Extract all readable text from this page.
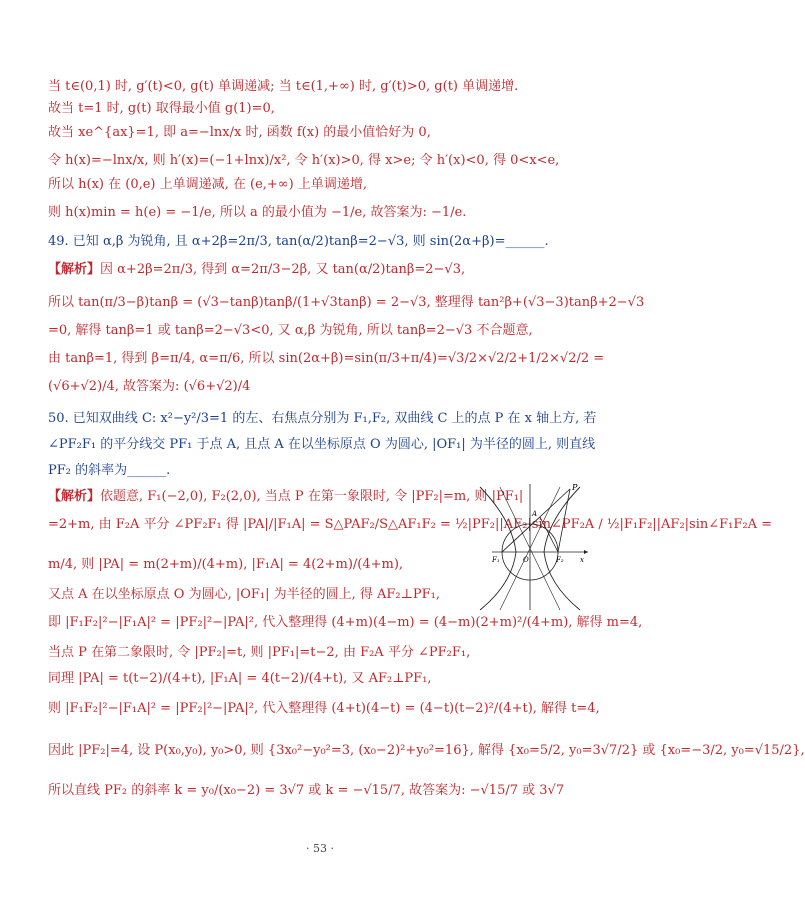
当 t∈(0,1) 时, g′(t)<0, g(t) 单调递减; 当 t∈(1,+∞) 时, g′(t)>0, g(t) 单调递增.
故当 t=1 时, g(t) 取得最小值 g(1)=0,
故当 xe^{ax}=1, 即 a=−lnx/x 时, 函数 f(x) 的最小值恰好为 0,
令 h(x)=−lnx/x, 则 h′(x)=(−1+lnx)/x², 令 h′(x)>0, 得 x>e; 令 h′(x)<0, 得 0<x<e,
所以 h(x) 在 (0,e) 上单调递减, 在 (e,+∞) 上单调递增,
则 h(x)min = h(e) = −1/e, 所以 a 的最小值为 −1/e, 故答案为: −1/e.
49. 已知 α,β 为锐角, 且 α+2β=2π/3, tan(α/2)tanβ=2−√3, 则 sin(2α+β)=______.
【解析】因 α+2β=2π/3, 得到 α=2π/3−2β, 又 tan(α/2)tanβ=2−√3,
所以 tan(π/3−β)tanβ = (√3−tanβ)tanβ/(1+√3tanβ) = 2−√3, 整理得 tan²β+(√3−3)tanβ+2−√3
=0, 解得 tanβ=1 或 tanβ=2−√3<0, 又 α,β 为锐角, 所以 tanβ=2−√3 不合题意,
由 tanβ=1, 得到 β=π/4, α=π/6, 所以 sin(2α+β)=sin(π/3+π/4)=√3/2×√2/2+1/2×√2/2 =
(√6+√2)/4, 故答案为: (√6+√2)/4
50. 已知双曲线 C: x²−y²/3=1 的左、右焦点分别为 F₁,F₂, 双曲线 C 上的点 P 在 x 轴上方, 若
∠PF₂F₁ 的平分线交 PF₁ 于点 A, 且点 A 在以坐标原点 O 为圆心, |OF₁| 为半径的圆上, 则直线
PF₂ 的斜率为______.
【解析】依题意, F₁(−2,0), F₂(2,0), 当点 P 在第一象限时, 令 |PF₂|=m, 则 |PF₁|
=2+m, 由 F₂A 平分 ∠PF₂F₁ 得 |PA|/|F₁A| = S△PAF₂/S△AF₁F₂ = ½|PF₂||AF₂|sin∠PF₂A / ½|F₁F₂||AF₂|sin∠F₁F₂A =
m/4, 则 |PA| = m(2+m)/(4+m), |F₁A| = 4(2+m)/(4+m),
又点 A 在以坐标原点 O 为圆心, |OF₁| 为半径的圆上, 得 AF₂⊥PF₁,
即 |F₁F₂|²−|F₁A|² = |PF₂|²−|PA|², 代入整理得 (4+m)(4−m) = (4−m)(2+m)²/(4+m), 解得 m=4,
当点 P 在第二象限时, 令 |PF₂|=t, 则 |PF₁|=t−2, 由 F₂A 平分 ∠PF₂F₁,
同理 |PA| = t(t−2)/(4+t), |F₁A| = 4(t−2)/(4+t), 又 AF₂⊥PF₁,
则 |F₁F₂|²−|F₁A|² = |PF₂|²−|PA|², 代入整理得 (4+t)(4−t) = (4−t)(t−2)²/(4+t), 解得 t=4,
因此 |PF₂|=4, 设 P(x₀,y₀), y₀>0, 则 {3x₀²−y₀²=3, (x₀−2)²+y₀²=16}, 解得 {x₀=5/2, y₀=3√7/2} 或 {x₀=−3/2, y₀=√15/2},
所以直线 PF₂ 的斜率 k = y₀/(x₀−2) = 3√7 或 k = −√15/7, 故答案为: −√15/7 或 3√7
P
A
F₁	O	F₂ x
· 53 ·
